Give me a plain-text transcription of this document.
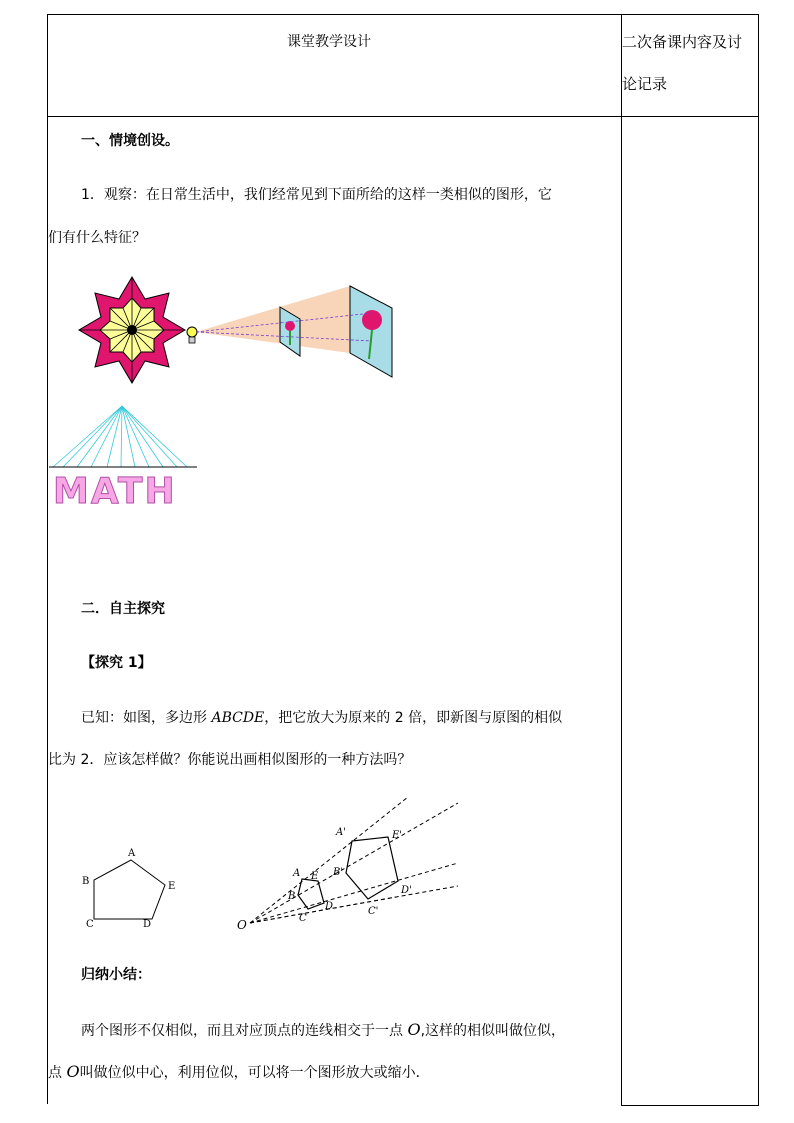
课堂教学设计	二次备课内容及讨
论记录
一、情境创设。
1．观察：在日常生活中，我们经常见到下面所给的这样一类相似的图形，它
们有什么特征？
MATH
二．自主探究
【探究 1】
已知：如图，多边形 ABCDE，把它放大为原来的 2 倍，即新图与原图的相似
比为 2．应该怎样做？你能说出画相似图形的一种方法吗？
A
B
C	D
E
O
A E
B
D
C
A'	E'
B'
D'
C'
归纳小结：
两个图形不仅相似，而且对应顶点的连线相交于一点 O,这样的相似叫做位似，
点 O叫做位似中心，利用位似，可以将一个图形放大或缩小．
